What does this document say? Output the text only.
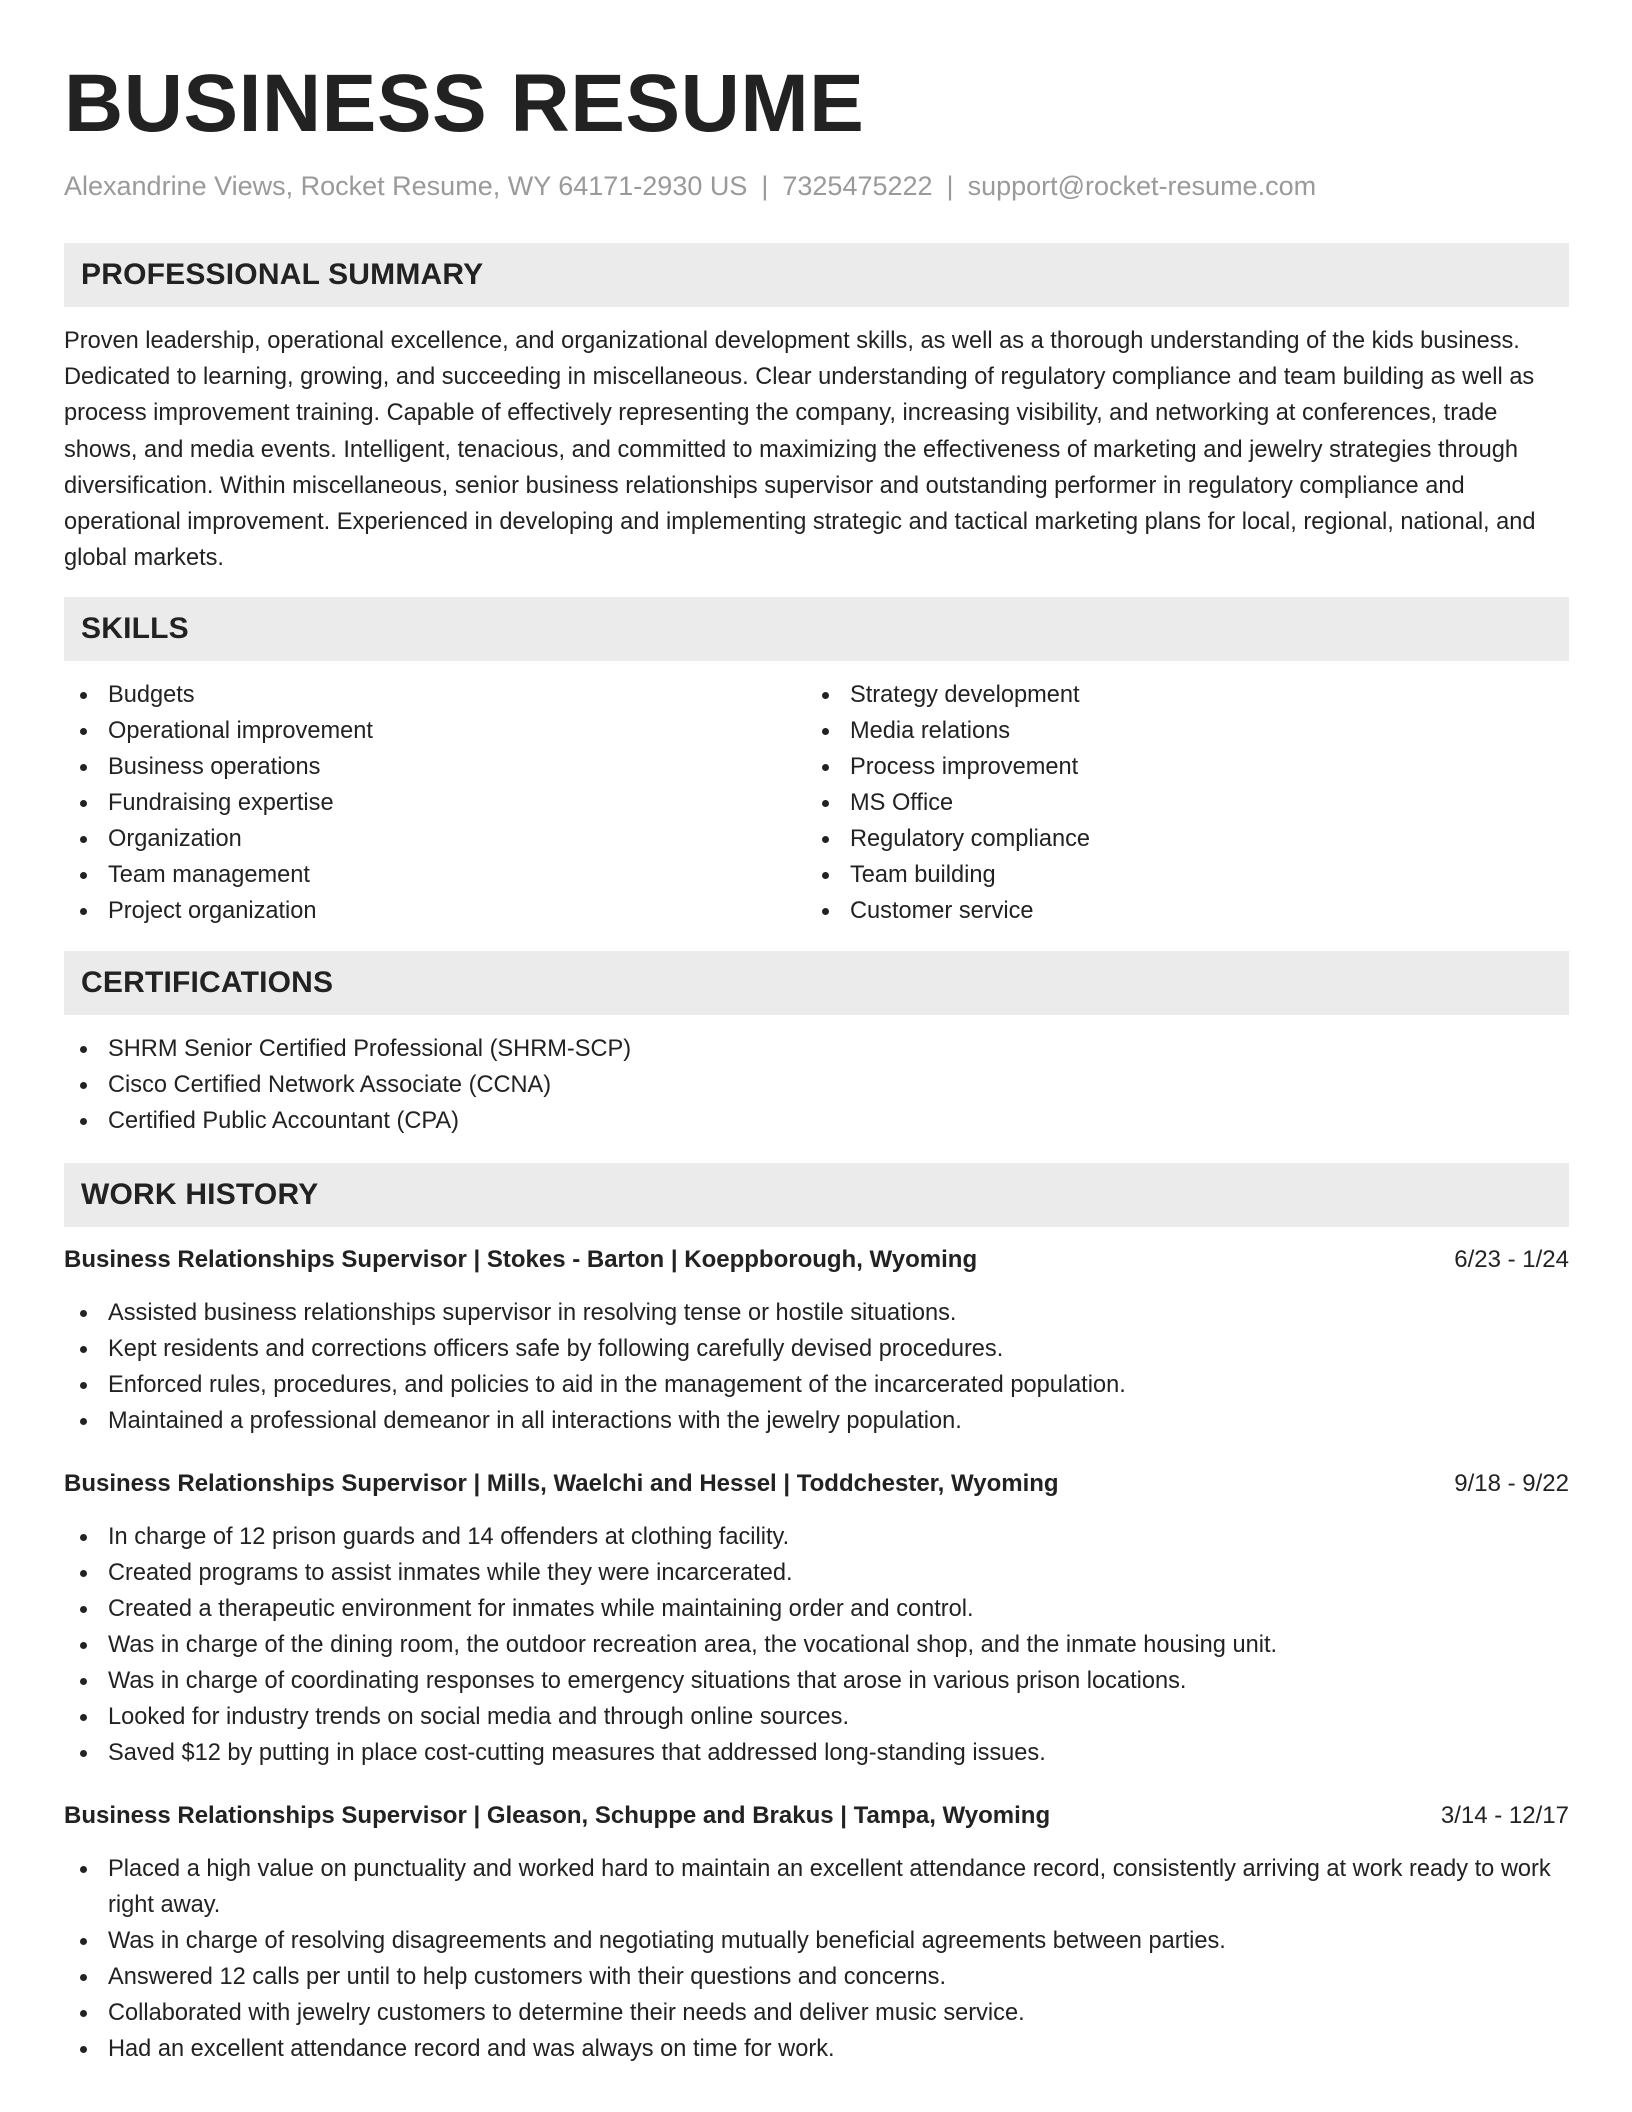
BUSINESS RESUME
Alexandrine Views, Rocket Resume, WY 64171-2930 US | 7325475222 | support@rocket-resume.com
PROFESSIONAL SUMMARY

Proven leadership, operational excellence, and organizational development skills, as well as a thorough understanding of the kids business. Dedicated to learning, growing, and succeeding in miscellaneous. Clear understanding of regulatory compliance and team building as well as process improvement training. Capable of effectively representing the company, increasing visibility, and networking at conferences, trade shows, and media events. Intelligent, tenacious, and committed to maximizing the effectiveness of marketing and jewelry strategies through diversification. Within miscellaneous, senior business relationships supervisor and outstanding performer in regulatory compliance and operational improvement. Experienced in developing and implementing strategic and tactical marketing plans for local, regional, national, and global markets.

SKILLS
Budgets
Operational improvement
Business operations
Fundraising expertise
Organization
Team management
Project organization
Strategy development
Media relations
Process improvement
MS Office
Regulatory compliance
Team building
Customer service
CERTIFICATIONS
SHRM Senior Certified Professional (SHRM-SCP)
Cisco Certified Network Associate (CCNA)
Certified Public Accountant (CPA)
WORK HISTORY
Business Relationships Supervisor | Stokes - Barton | Koeppborough, Wyoming	6/23 - 1/24
Assisted business relationships supervisor in resolving tense or hostile situations.
Kept residents and corrections officers safe by following carefully devised procedures.
Enforced rules, procedures, and policies to aid in the management of the incarcerated population.
Maintained a professional demeanor in all interactions with the jewelry population.
Business Relationships Supervisor | Mills, Waelchi and Hessel | Toddchester, Wyoming	9/18 - 9/22
In charge of 12 prison guards and 14 offenders at clothing facility.
Created programs to assist inmates while they were incarcerated.
Created a therapeutic environment for inmates while maintaining order and control.
Was in charge of the dining room, the outdoor recreation area, the vocational shop, and the inmate housing unit.
Was in charge of coordinating responses to emergency situations that arose in various prison locations.
Looked for industry trends on social media and through online sources.
Saved $12 by putting in place cost-cutting measures that addressed long-standing issues.
Business Relationships Supervisor | Gleason, Schuppe and Brakus | Tampa, Wyoming	3/14 - 12/17
Placed a high value on punctuality and worked hard to maintain an excellent attendance record, consistently arriving at work ready to work right away.
Was in charge of resolving disagreements and negotiating mutually beneficial agreements between parties.
Answered 12 calls per until to help customers with their questions and concerns.
Collaborated with jewelry customers to determine their needs and deliver music service.
Had an excellent attendance record and was always on time for work.
